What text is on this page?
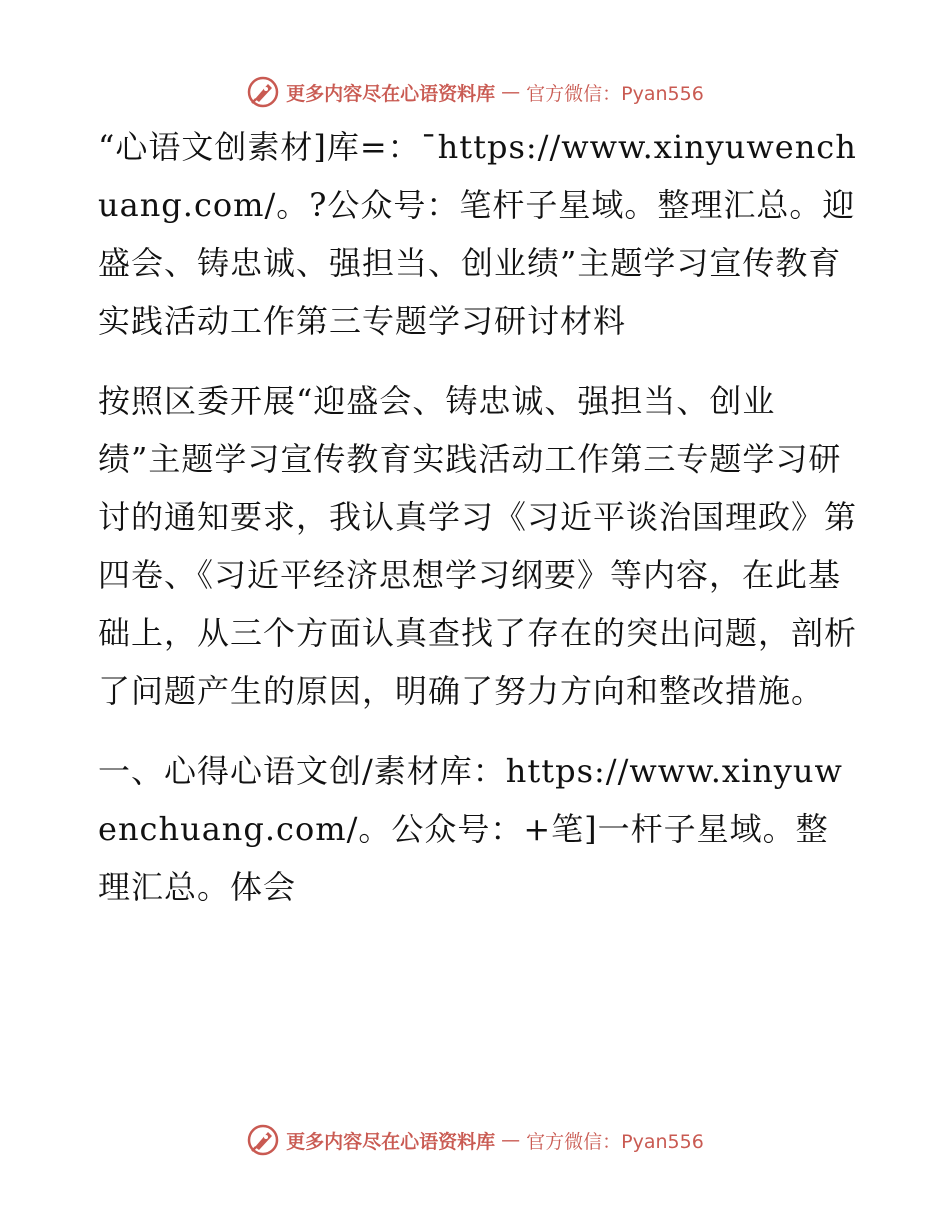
更多内容尽在心语资料库 — 官方微信：Pyan556

“心语文创素材]库=：¯https://www.xinyuwenchuang.com/。?公众号：笔杆子星域。整理汇总。迎盛会、铸忠诚、强担当、创业绩”主题学习宣传教育实践活动工作第三专题学习研讨材料

按照区委开展“迎盛会、铸忠诚、强担当、创业绩”主题学习宣传教育实践活动工作第三专题学习研讨的通知要求，我认真学习《习近平谈治国理政》第四卷、《习近平经济思想学习纲要》等内容，在此基础上，从三个方面认真查找了存在的突出问题，剖析了问题产生的原因，明确了努力方向和整改措施。

一、心得心语文创/素材库：https://www.xinyuwenchuang.com/。公众号：+笔]一杆子星域。整理汇总。体会

更多内容尽在心语资料库 — 官方微信：Pyan556
